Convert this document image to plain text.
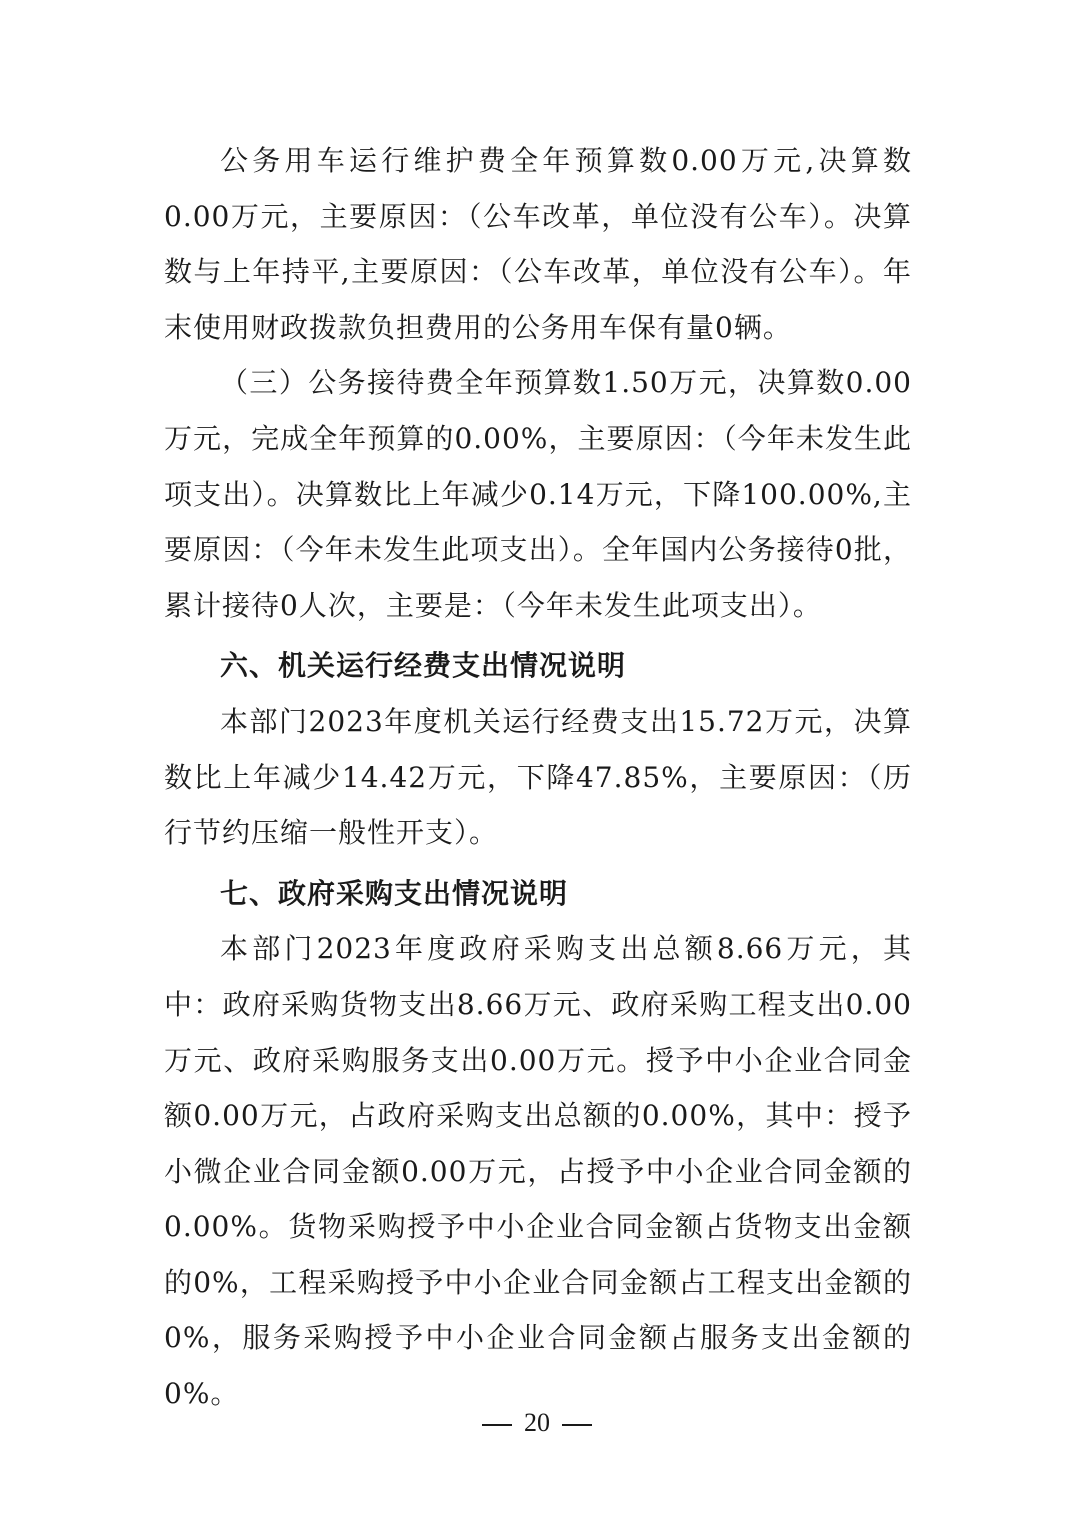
公务用车运行维护费全年预算数0.00万元,决算数0.00万元，主要原因：（公车改革，单位没有公车）。决算数与上年持平,主要原因：（公车改革，单位没有公车）。年末使用财政拨款负担费用的公务用车保有量0辆。

（三）公务接待费全年预算数1.50万元，决算数0.00万元，完成全年预算的0.00%，主要原因：（今年未发生此项支出）。决算数比上年减少0.14万元，下降100.00%,主要原因：（今年未发生此项支出）。全年国内公务接待0批，累计接待0人次，主要是：（今年未发生此项支出）。

六、机关运行经费支出情况说明

本部门2023年度机关运行经费支出15.72万元，决算数比上年减少14.42万元，下降47.85%，主要原因：（历行节约压缩一般性开支）。

七、政府采购支出情况说明

本部门2023年度政府采购支出总额8.66万元，其中：政府采购货物支出8.66万元、政府采购工程支出0.00万元、政府采购服务支出0.00万元。授予中小企业合同金额0.00万元，占政府采购支出总额的0.00%，其中：授予小微企业合同金额0.00万元，占授予中小企业合同金额的0.00%。货物采购授予中小企业合同金额占货物支出金额的0%，工程采购授予中小企业合同金额占工程支出金额的0%，服务采购授予中小企业合同金额占服务支出金额的0%。

20
